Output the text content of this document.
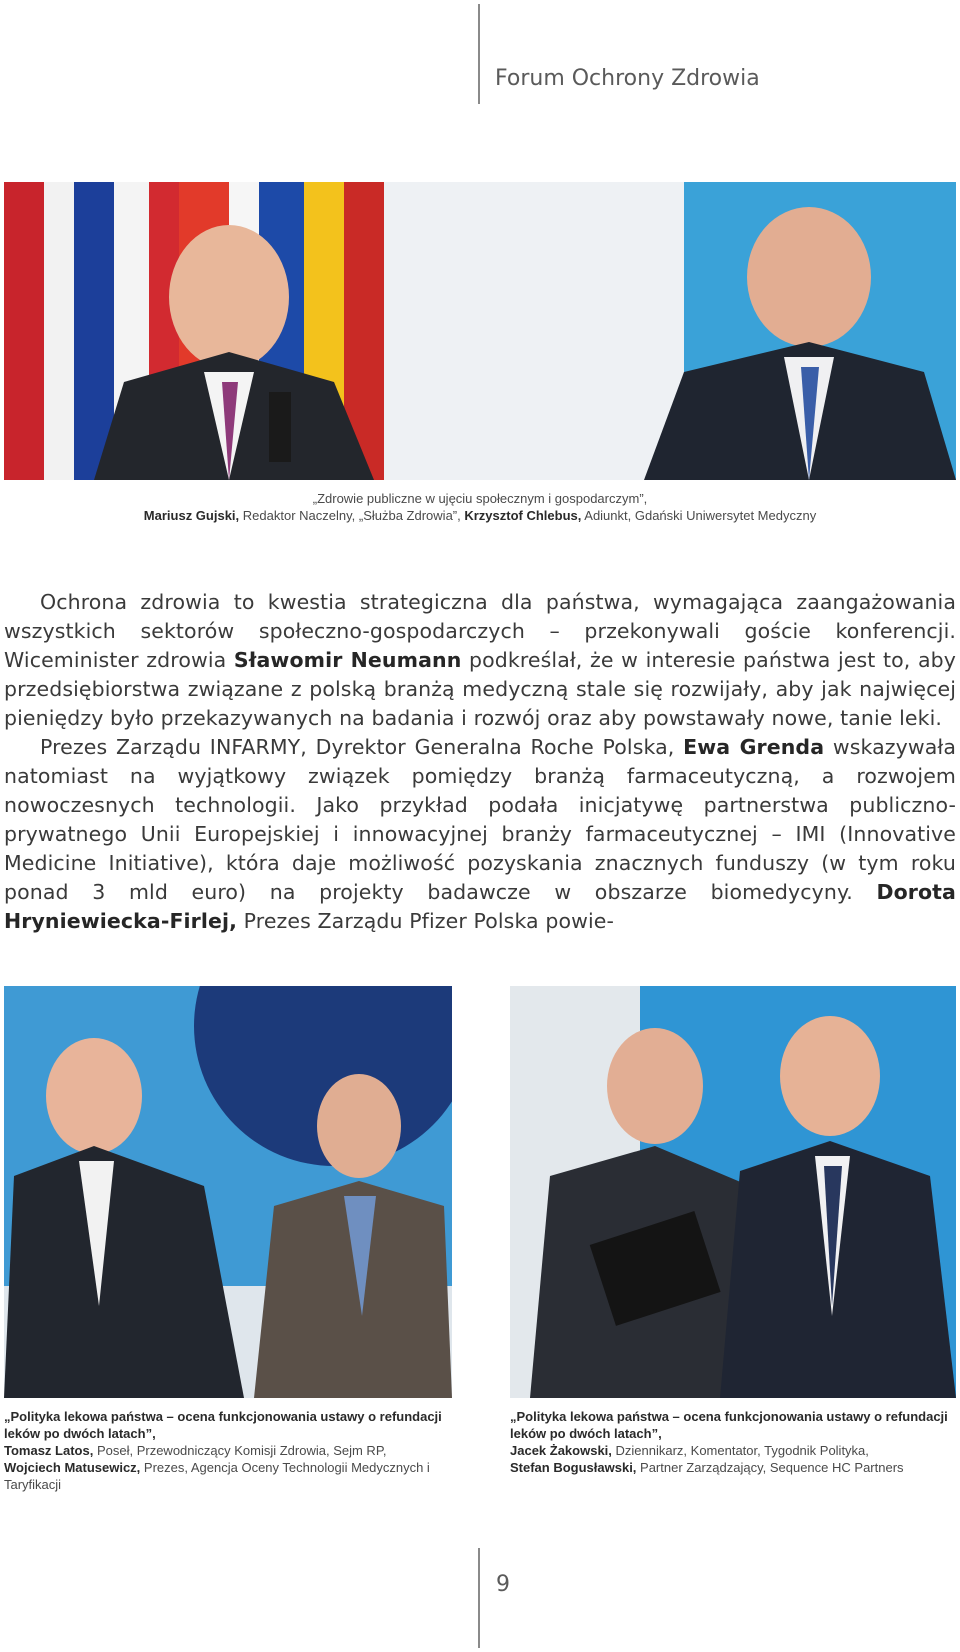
Forum Ochrony Zdrowia
„Zdrowie publiczne w ujęciu społecznym i gospodarczym”,
Mariusz Gujski, Redaktor Naczelny, „Służba Zdrowia”, Krzysztof Chlebus, Adiunkt, Gdański Uniwersytet Medyczny

Ochrona zdrowia to kwestia strategiczna dla państwa, wymagająca zaangażowania wszystkich sektorów społeczno-gospodarczych – przekonywali goście konferencji. Wiceminister zdrowia Sławomir Neumann podkreślał, że w interesie państwa jest to, aby przedsiębiorstwa związane z polską branżą medyczną stale się rozwijały, aby jak najwięcej pieniędzy było przekazywanych na badania i rozwój oraz aby powstawały nowe, tanie leki.

Prezes Zarządu INFARMY, Dyrektor Generalna Roche Polska, Ewa Grenda wskazywała natomiast na wyjątkowy związek pomiędzy branżą farmaceutyczną, a rozwojem nowoczesnych technologii. Jako przykład podała inicjatywę partnerstwa publiczno-prywatnego Unii Europejskiej i innowacyjnej branży farmaceutycznej – IMI (Innovative Medicine Initiative), która daje możliwość pozyskania znacznych funduszy (w tym roku ponad 3 mld euro) na projekty badawcze w obszarze biomedycyny. Dorota Hryniewiecka-Firlej, Prezes Zarządu Pfizer Polska powie-

„Polityka lekowa państwa – ocena funkcjonowania ustawy o refundacji leków po dwóch latach”,
Tomasz Latos, Poseł, Przewodniczący Komisji Zdrowia, Sejm RP,
Wojciech Matusewicz, Prezes, Agencja Oceny Technologii Medycznych i Taryfikacji
„Polityka lekowa państwa – ocena funkcjonowania ustawy o refundacji leków po dwóch latach”,
Jacek Żakowski, Dziennikarz, Komentator, Tygodnik Polityka,
Stefan Bogusławski, Partner Zarządzający, Sequence HC Partners
9
